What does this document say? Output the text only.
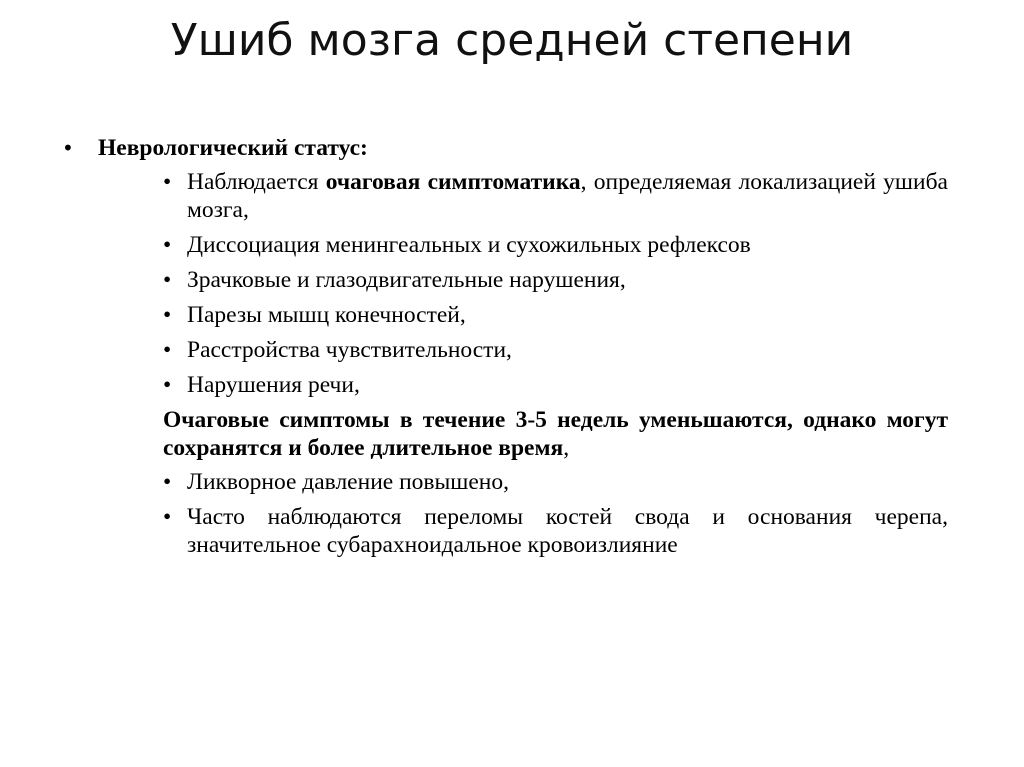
Ушиб мозга средней степени
•	Неврологический статус:
• Наблюдается очаговая симптоматика, определяемая локализацией ушиба мозга,
• Диссоциация менингеальных и сухожильных рефлексов
• Зрачковые и глазодвигательные нарушения,
• Парезы мышц конечностей,
• Расстройства чувствительности,
• Нарушения речи,
Очаговые симптомы в течение 3-5 недель уменьшаются, однако могут сохранятся и более длительное время,
• Ликворное давление повышено,
• Часто наблюдаются переломы костей свода и основания черепа, значительное субарахноидальное кровоизлияние
